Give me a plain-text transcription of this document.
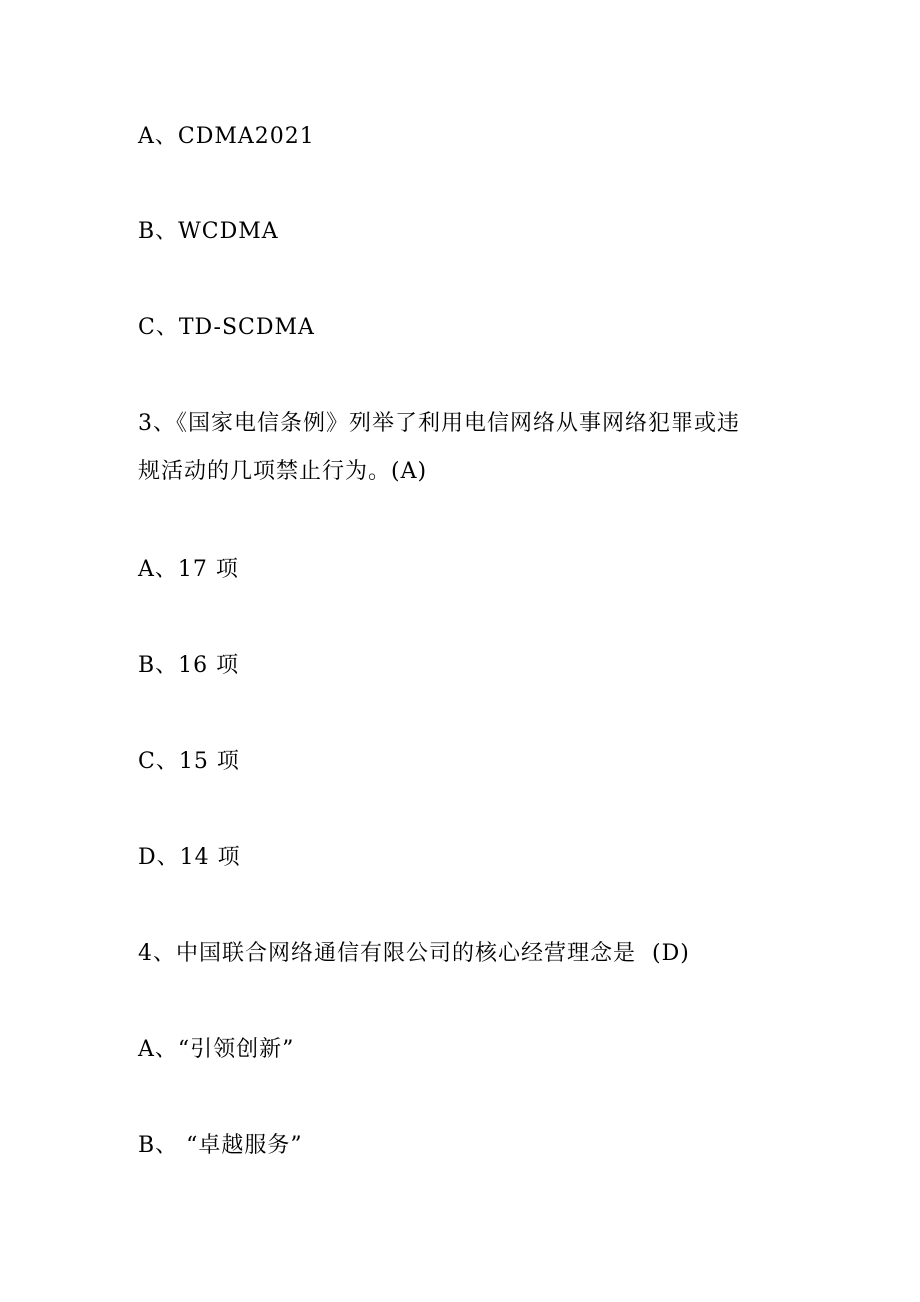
A、CDMA2021
B、WCDMA
C、TD-SCDMA
3、《国家电信条例》列举了利用电信网络从事网络犯罪或违
规活动的几项禁止行为。(A)
A、17 项
B、16 项
C、15 项
D、14 项
4、中国联合网络通信有限公司的核心经营理念是  (D)
A、“引领创新”
B、 “卓越服务”
